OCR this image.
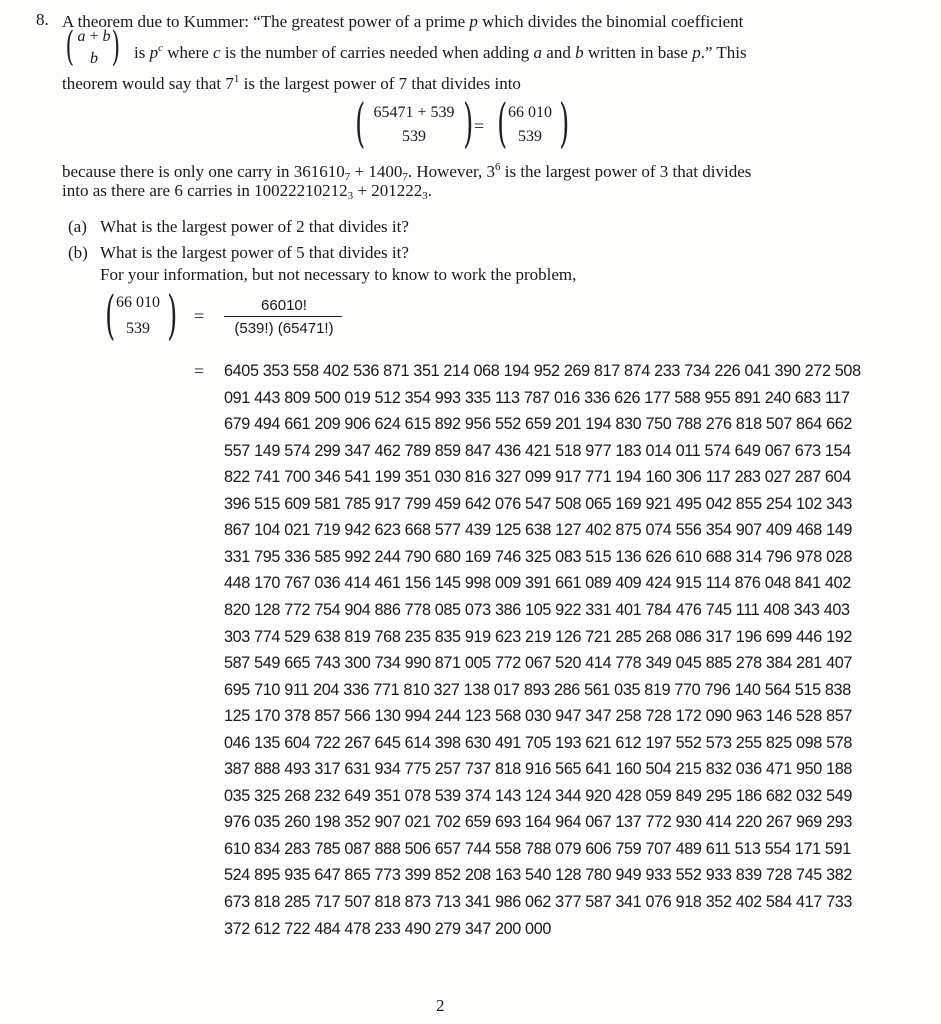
8. A theorem due to Kummer: “The greatest power of a prime p which divides the binomial coefficient
( a + b
b ) is $p^c$ where c is the number of carries needed when adding a and b written in base p.” This
theorem would say that $7^1$ is the largest power of 7 that divides into
( 65471 + 539
539 ) = ( 66 010
539 )
because there is only one carry in $361610_7 + 1400_7$. However, $3^6$ is the largest power of 3 that divides
into as there are 6 carries in $10022210212_3 + 201222_3$.
(a) What is the largest power of 2 that divides it?
(b) What is the largest power of 5 that divides it?
For your information, but not necessary to know to work the problem,
( 66 010
539 ) =
66010!
(539!) (65471!)
= 6405 353 558 402 536 871 351 214 068 194 952 269 817 874 233 734 226 041 390 272 508
091 443 809 500 019 512 354 993 335 113 787 016 336 626 177 588 955 891 240 683 117
679 494 661 209 906 624 615 892 956 552 659 201 194 830 750 788 276 818 507 864 662
557 149 574 299 347 462 789 859 847 436 421 518 977 183 014 011 574 649 067 673 154
822 741 700 346 541 199 351 030 816 327 099 917 771 194 160 306 117 283 027 287 604
396 515 609 581 785 917 799 459 642 076 547 508 065 169 921 495 042 855 254 102 343
867 104 021 719 942 623 668 577 439 125 638 127 402 875 074 556 354 907 409 468 149
331 795 336 585 992 244 790 680 169 746 325 083 515 136 626 610 688 314 796 978 028
448 170 767 036 414 461 156 145 998 009 391 661 089 409 424 915 114 876 048 841 402
820 128 772 754 904 886 778 085 073 386 105 922 331 401 784 476 745 111 408 343 403
303 774 529 638 819 768 235 835 919 623 219 126 721 285 268 086 317 196 699 446 192
587 549 665 743 300 734 990 871 005 772 067 520 414 778 349 045 885 278 384 281 407
695 710 911 204 336 771 810 327 138 017 893 286 561 035 819 770 796 140 564 515 838
125 170 378 857 566 130 994 244 123 568 030 947 347 258 728 172 090 963 146 528 857
046 135 604 722 267 645 614 398 630 491 705 193 621 612 197 552 573 255 825 098 578
387 888 493 317 631 934 775 257 737 818 916 565 641 160 504 215 832 036 471 950 188
035 325 268 232 649 351 078 539 374 143 124 344 920 428 059 849 295 186 682 032 549
976 035 260 198 352 907 021 702 659 693 164 964 067 137 772 930 414 220 267 969 293
610 834 283 785 087 888 506 657 744 558 788 079 606 759 707 489 611 513 554 171 591
524 895 935 647 865 773 399 852 208 163 540 128 780 949 933 552 933 839 728 745 382
673 818 285 717 507 818 873 713 341 986 062 377 587 341 076 918 352 402 584 417 733
372 612 722 484 478 233 490 279 347 200 000
2
